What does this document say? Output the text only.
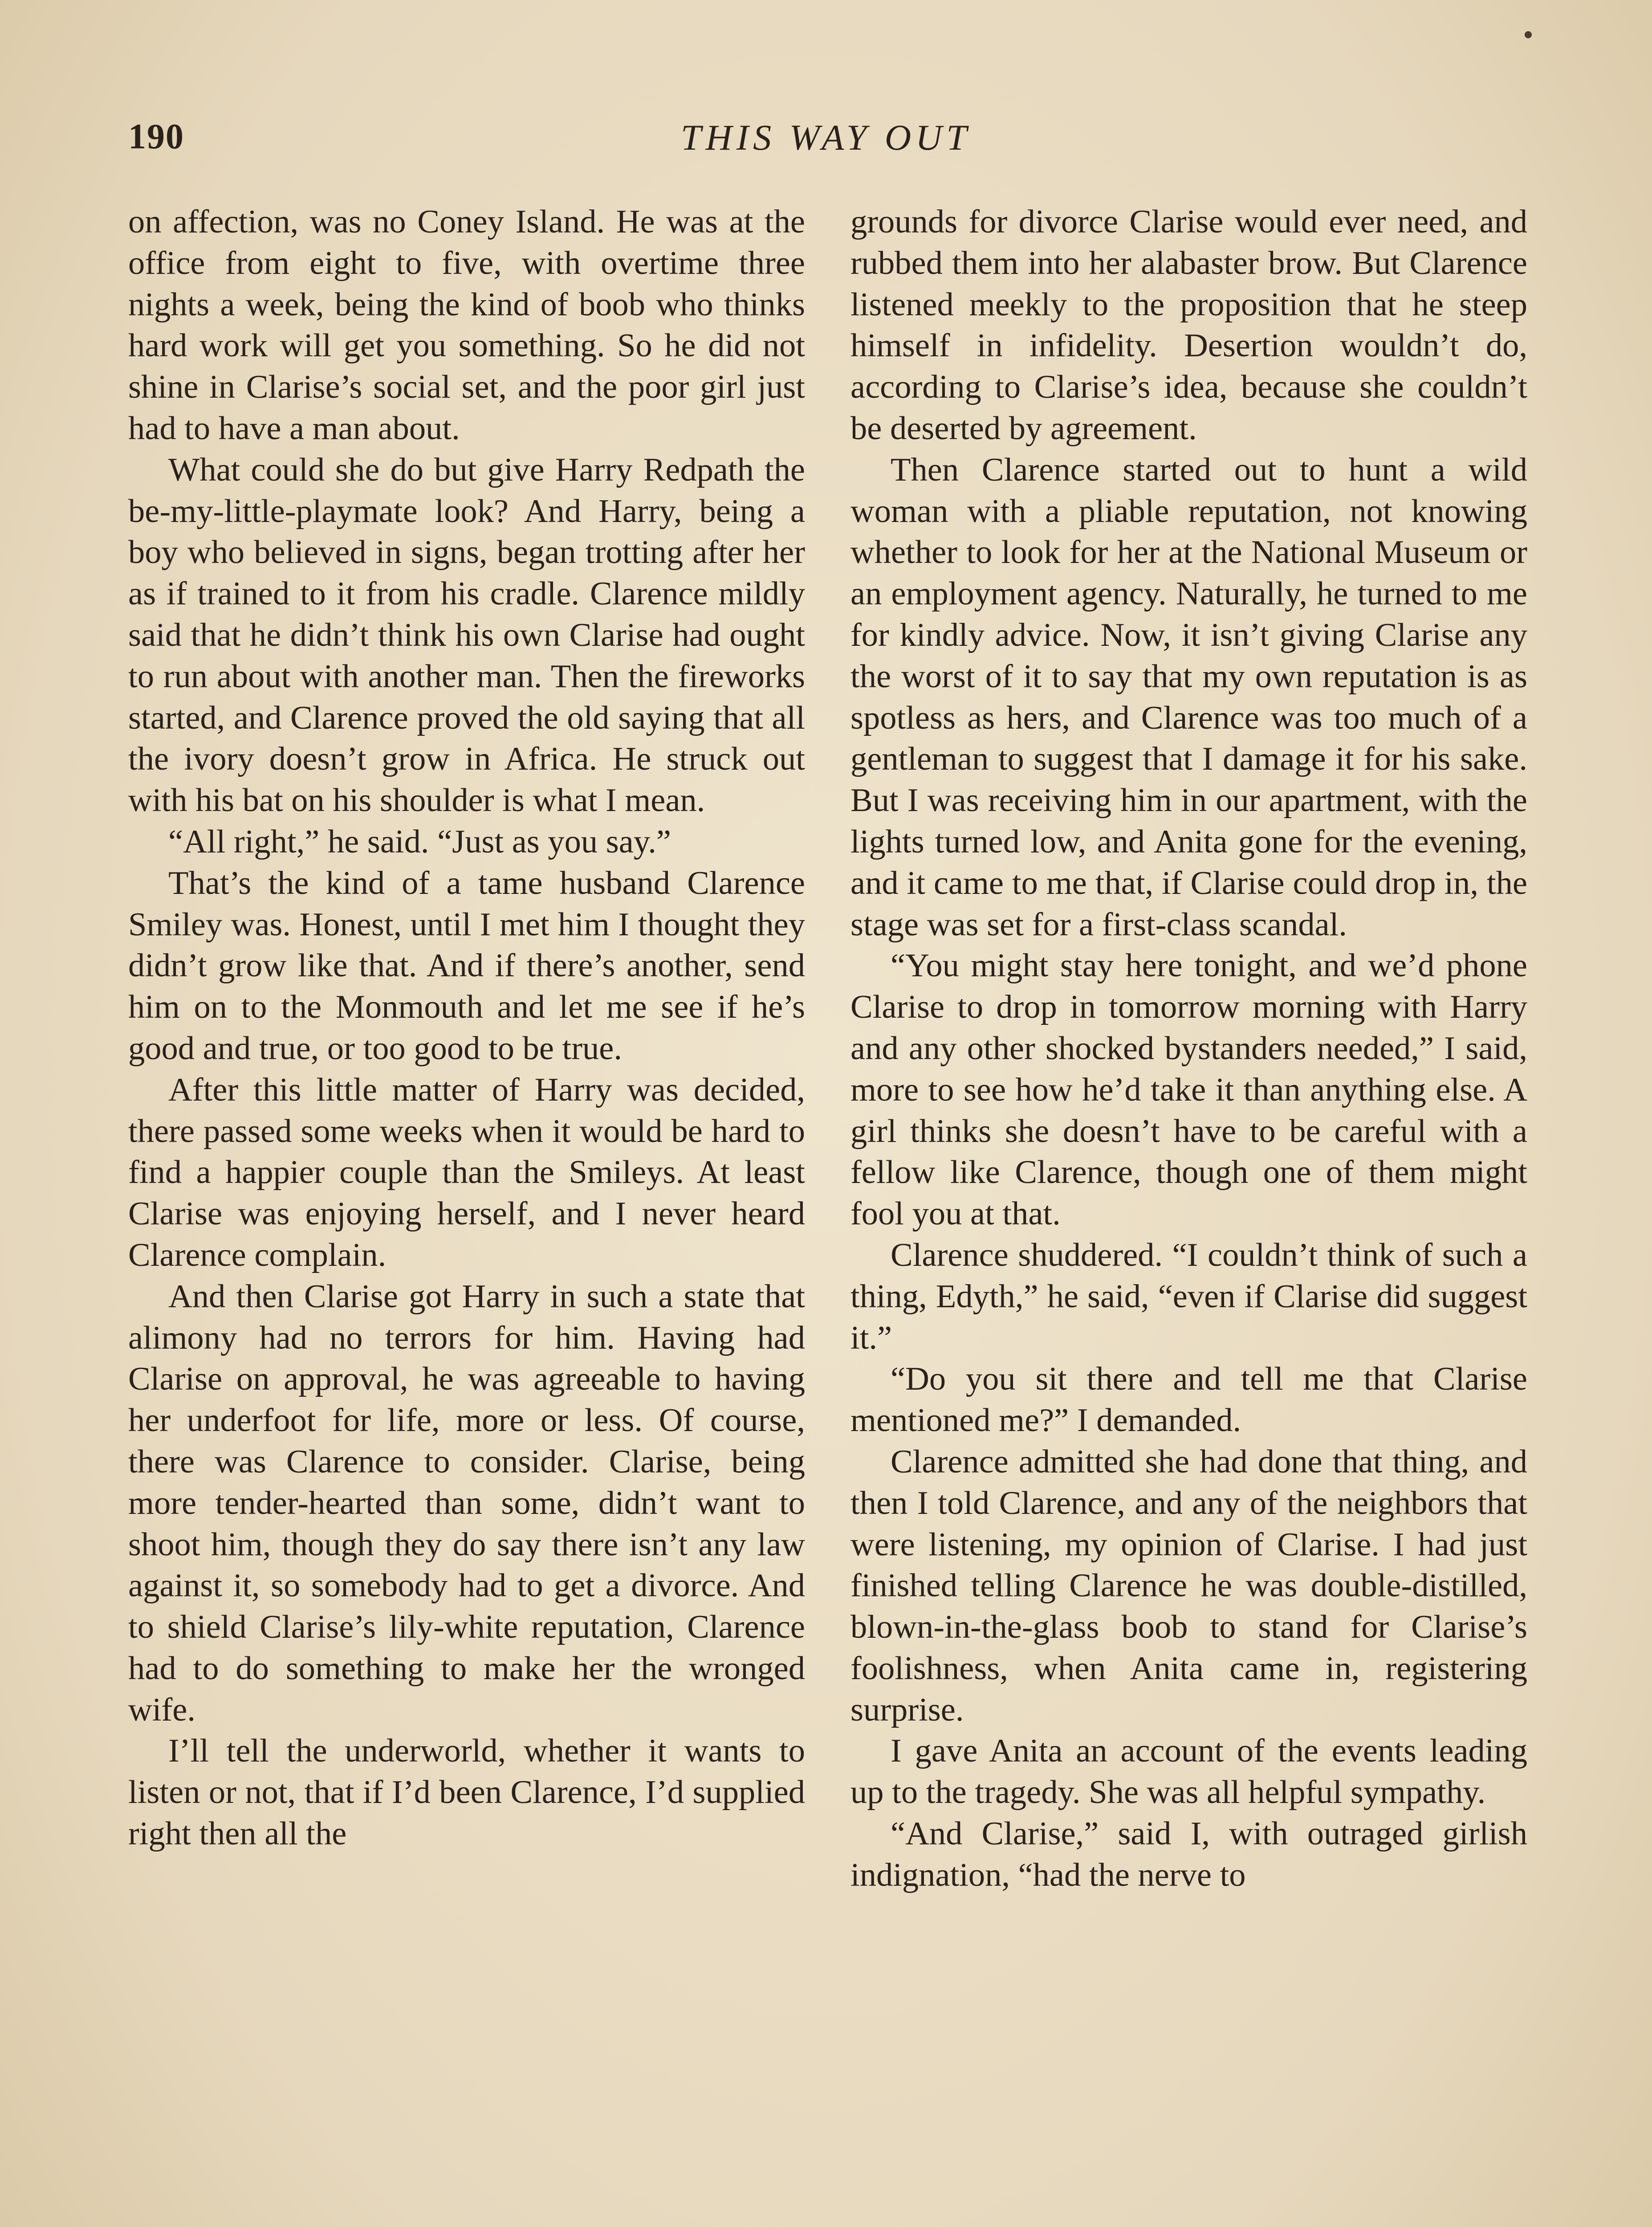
190	THIS WAY OUT

on affection, was no Coney Island. He was at the office from eight to five, with overtime three nights a week, being the kind of boob who thinks hard work will get you something. So he did not shine in Clarise’s social set, and the poor girl just had to have a man about.

What could she do but give Harry Redpath the be-my-little-playmate look? And Harry, being a boy who believed in signs, began trotting after her as if trained to it from his cradle. Clarence mildly said that he didn’t think his own Clarise had ought to run about with another man. Then the fireworks started, and Clarence proved the old saying that all the ivory doesn’t grow in Africa. He struck out with his bat on his shoulder is what I mean.

“All right,” he said. “Just as you say.”

That’s the kind of a tame husband Clarence Smiley was. Honest, until I met him I thought they didn’t grow like that. And if there’s another, send him on to the Monmouth and let me see if he’s good and true, or too good to be true.

After this little matter of Harry was decided, there passed some weeks when it would be hard to find a happier couple than the Smileys. At least Clarise was enjoying herself, and I never heard Clarence complain.

And then Clarise got Harry in such a state that alimony had no terrors for him. Having had Clarise on approval, he was agreeable to having her underfoot for life, more or less. Of course, there was Clarence to consider. Clarise, being more tender-hearted than some, didn’t want to shoot him, though they do say there isn’t any law against it, so somebody had to get a divorce. And to shield Clarise’s lily-white reputation, Clarence had to do something to make her the wronged wife.

I’ll tell the underworld, whether it wants to listen or not, that if I’d been Clarence, I’d supplied right then all the

grounds for divorce Clarise would ever need, and rubbed them into her alabaster brow. But Clarence listened meekly to the proposition that he steep himself in infidelity. Desertion wouldn’t do, according to Clarise’s idea, because she couldn’t be deserted by agreement.

Then Clarence started out to hunt a wild woman with a pliable reputation, not knowing whether to look for her at the National Museum or an employment agency. Naturally, he turned to me for kindly advice. Now, it isn’t giving Clarise any the worst of it to say that my own reputation is as spotless as hers, and Clarence was too much of a gentleman to suggest that I damage it for his sake. But I was receiving him in our apartment, with the lights turned low, and Anita gone for the evening, and it came to me that, if Clarise could drop in, the stage was set for a first-class scandal.

“You might stay here tonight, and we’d phone Clarise to drop in tomorrow morning with Harry and any other shocked bystanders needed,” I said, more to see how he’d take it than anything else. A girl thinks she doesn’t have to be careful with a fellow like Clarence, though one of them might fool you at that.

Clarence shuddered. “I couldn’t think of such a thing, Edyth,” he said, “even if Clarise did suggest it.”

“Do you sit there and tell me that Clarise mentioned me?” I demanded.

Clarence admitted she had done that thing, and then I told Clarence, and any of the neighbors that were listening, my opinion of Clarise. I had just finished telling Clarence he was double-distilled, blown-in-the-glass boob to stand for Clarise’s foolishness, when Anita came in, registering surprise.

I gave Anita an account of the events leading up to the tragedy. She was all helpful sympathy.

“And Clarise,” said I, with outraged girlish indignation, “had the nerve to
